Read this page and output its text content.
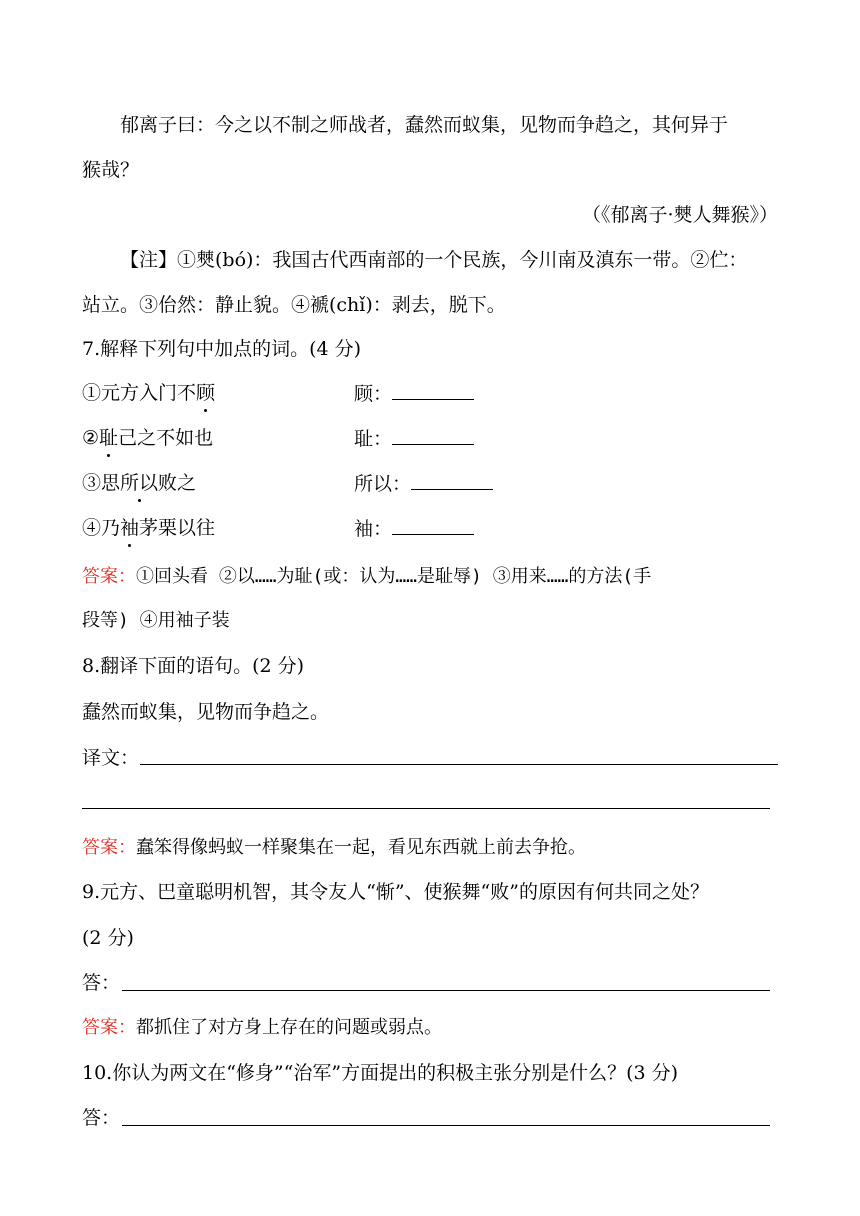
郁离子曰：今之以不制之师战者，蠢然而蚁集，见物而争趋之，其何异于
猴哉？
（《郁离子·僰人舞猴》）
【注】①僰(bó)：我国古代西南部的一个民族，今川南及滇东一带。②伫：
站立。③佁然：静止貌。④褫(chǐ)：剥去，脱下。
7.解释下列句中加点的词。(4 分)
①元方入门不顾	顾：
②耻己之不如也	耻：
③思所以败之	所以：
④乃袖茅栗以往	袖：
答案：①回头看 ②以……为耻(或：认为……是耻辱) ③用来……的方法(手
段等) ④用袖子装
8.翻译下面的语句。(2 分)
蠢然而蚁集，见物而争趋之。
译文：
答案：蠢笨得像蚂蚁一样聚集在一起，看见东西就上前去争抢。
9.元方、巴童聪明机智，其令友人“惭”、使猴舞“败”的原因有何共同之处？
(2 分)
答：
答案：都抓住了对方身上存在的问题或弱点。
10.你认为两文在“修身”“治军”方面提出的积极主张分别是什么？(3 分)
答：
